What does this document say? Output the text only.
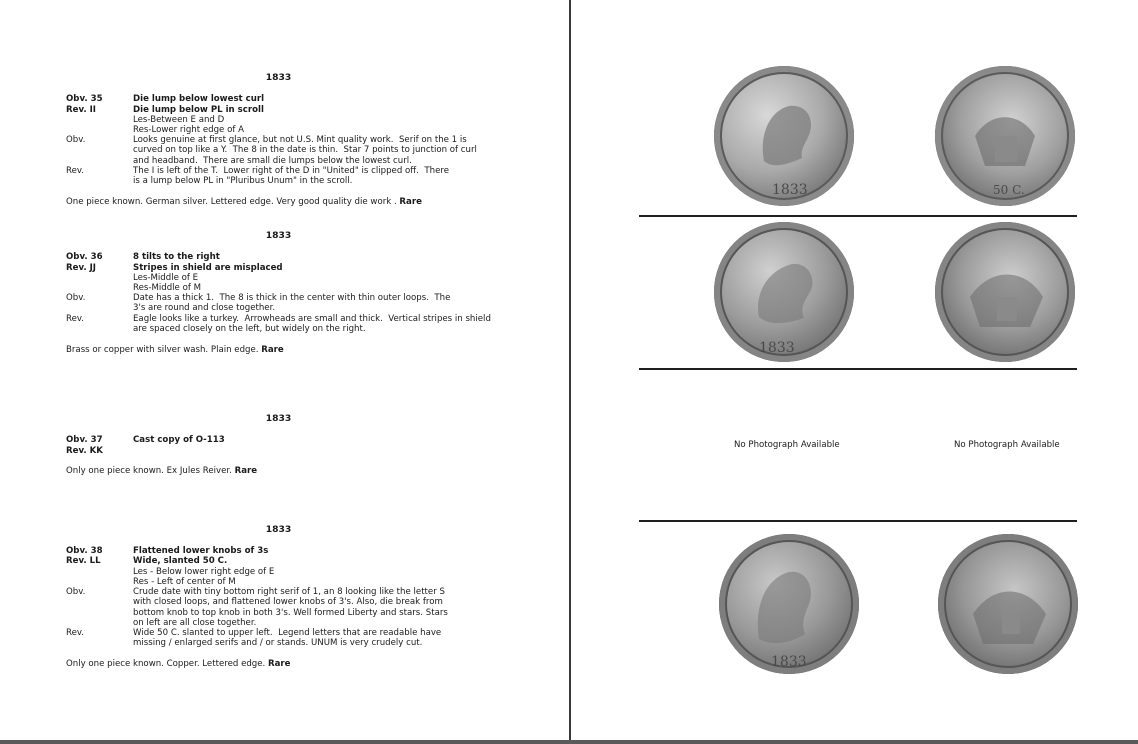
1833
Obv. 35	Die lump below lowest curl
Rev. II	Die lump below PL in scroll
Les-Between E and D
Res-Lower right edge of A
Obv.	Looks genuine at first glance, but not U.S. Mint quality work.  Serif on the 1 is
curved on top like a Y.  The 8 in the date is thin.  Star 7 points to junction of curl
and headband.  There are small die lumps below the lowest curl.
Rev.	The I is left of the T.  Lower right of the D in "United" is clipped off.  There
is a lump below PL in "Pluribus Unum" in the scroll.
One piece known. German silver. Lettered edge. Very good quality die work . Rare
1833
Obv. 36	8 tilts to the right
Rev. JJ	Stripes in shield are misplaced
Les-Middle of E
Res-Middle of M
Obv.	Date has a thick 1.  The 8 is thick in the center with thin outer loops.  The
3's are round and close together.
Rev.	Eagle looks like a turkey.  Arrowheads are small and thick.  Vertical stripes in shield
are spaced closely on the left, but widely on the right.
Brass or copper with silver wash. Plain edge. Rare
1833
Obv. 37	Cast copy of O-113
Rev. KK
Only one piece known. Ex Jules Reiver. Rare
1833
Obv. 38	Flattened lower knobs of 3s
Rev. LL	Wide, slanted 50 C.
Les - Below lower right edge of E
Res - Left of center of M
Obv.	Crude date with tiny bottom right serif of 1, an 8 looking like the letter S
with closed loops, and flattened lower knobs of 3's. Also, die break from
bottom knob to top knob in both 3's. Well formed Liberty and stars. Stars
on left are all close together.
Rev.	Wide 50 C. slanted to upper left.  Legend letters that are readable have
missing / enlarged serifs and / or stands. UNUM is very crudely cut.
Only one piece known. Copper. Lettered edge. Rare
1833	50 C.
1833
No Photograph Available	No Photograph Available
1833
